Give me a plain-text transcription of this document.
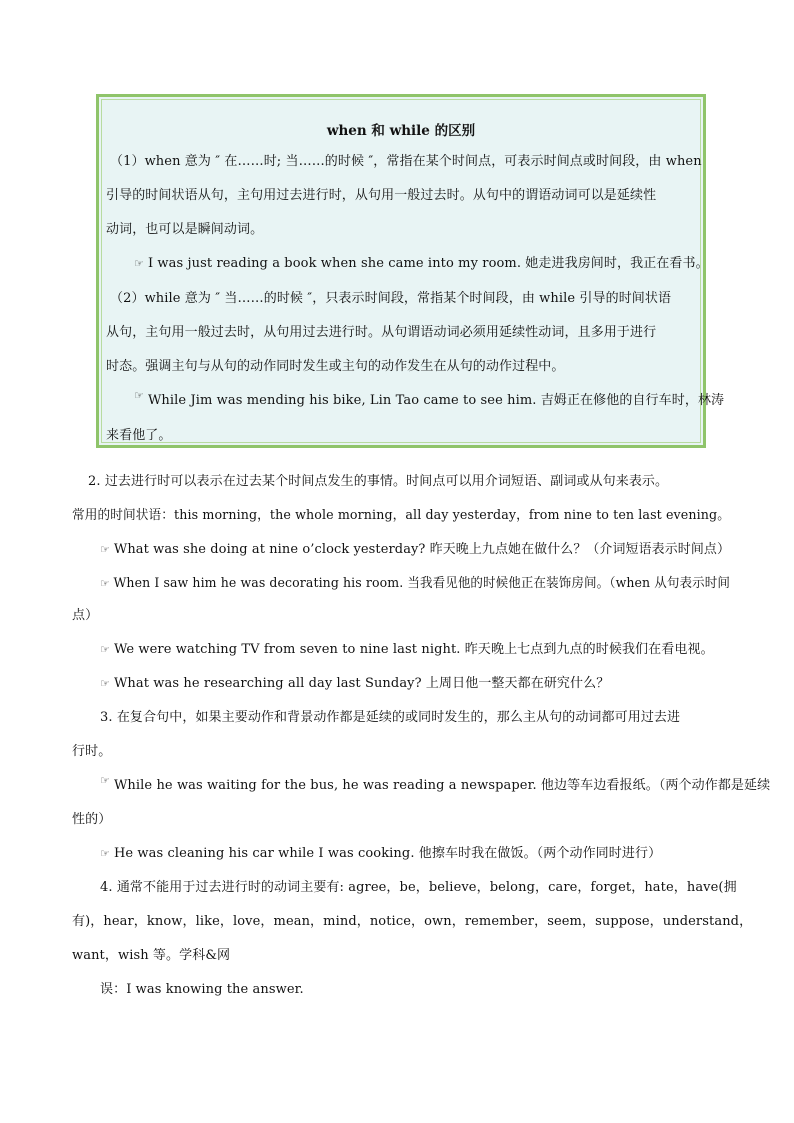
when 和 while 的区别
（1）when 意为 ″ 在……时; 当……的时候 ″，常指在某个时间点，可表示时间点或时间段，由 when
引导的时间状语从句，主句用过去进行时，从句用一般过去时。从句中的谓语动词可以是延续性
动词，也可以是瞬间动词。
☞ I was just reading a book when she came into my room. 她走进我房间时，我正在看书。
（2）while 意为 ″ 当……的时候 ″，只表示时间段，常指某个时间段，由 while 引导的时间状语
从句，主句用一般过去时，从句用过去进行时。从句谓语动词必须用延续性动词，且多用于进行
时态。强调主句与从句的动作同时发生或主句的动作发生在从句的动作过程中。
☞ While Jim was mending his bike, Lin Tao came to see him. 吉姆正在修他的自行车时，林涛
来看他了。
2. 过去进行时可以表示在过去某个时间点发生的事情。时间点可以用介词短语、副词或从句来表示。
常用的时间状语：this morning，the whole morning，all day yesterday，from nine to ten last evening。
☞ What was she doing at nine o’clock yesterday? 昨天晚上九点她在做什么？（介词短语表示时间点）
☞ When I saw him he was decorating his room. 当我看见他的时候他正在装饰房间。（when 从句表示时间
点）
☞ We were watching TV from seven to nine last night. 昨天晚上七点到九点的时候我们在看电视。
☞ What was he researching all day last Sunday? 上周日他一整天都在研究什么？
3. 在复合句中，如果主要动作和背景动作都是延续的或同时发生的，那么主从句的动词都可用过去进
行时。
☞ While he was waiting for the bus, he was reading a newspaper. 他边等车边看报纸。（两个动作都是延续
性的）
☞ He was cleaning his car while I was cooking. 他擦车时我在做饭。（两个动作同时进行）
4. 通常不能用于过去进行时的动词主要有: agree，be，believe，belong，care，forget，hate，have(拥
有)，hear，know，like，love，mean，mind，notice，own，remember，seem，suppose，understand，
want，wish 等。学科&网
误：I was knowing the answer.
